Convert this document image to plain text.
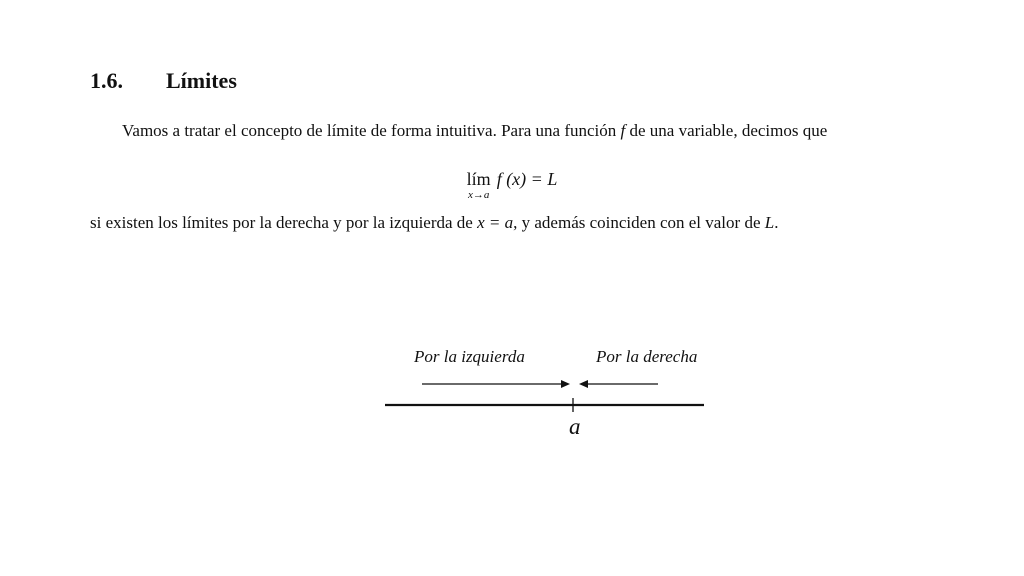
1.6. Límites
Vamos a tratar el concepto de límite de forma intuitiva. Para una función f de una variable, decimos que
lím
x→a
f (x) = L
si existen los límites por la derecha y por la izquierda de x = a, y además coinciden con el valor de L.
Por la izquierda	Por la derecha
a
